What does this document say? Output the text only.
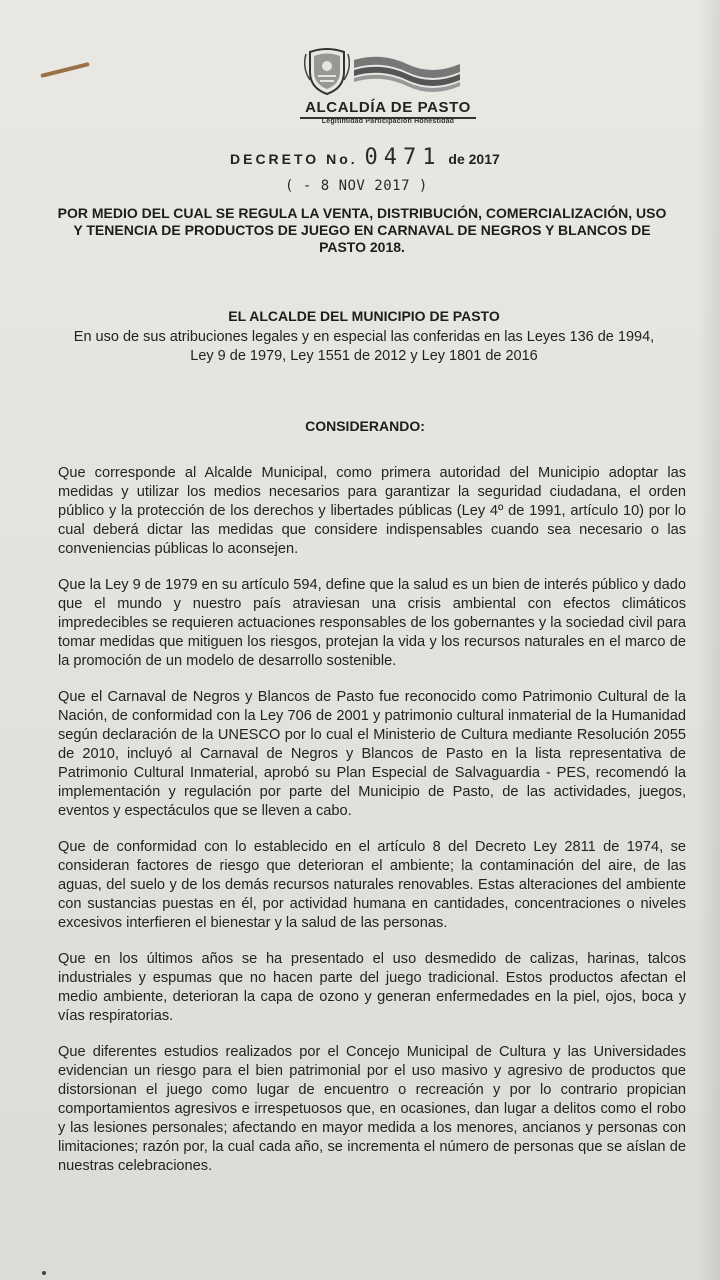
ALCALDÍA DE PASTO
Legitimidad Participación Honestidad
DECRETO No. 0471 de 2017
( - 8 NOV 2017 )
POR MEDIO DEL CUAL SE REGULA LA VENTA, DISTRIBUCIÓN, COMERCIALIZACIÓN, USO Y TENENCIA DE PRODUCTOS DE JUEGO EN CARNAVAL DE NEGROS Y BLANCOS DE PASTO 2018.
EL ALCALDE DEL MUNICIPIO DE PASTO
En uso de sus atribuciones legales y en especial las conferidas en las Leyes 136 de 1994, Ley 9 de 1979, Ley 1551 de 2012 y Ley 1801 de 2016
CONSIDERANDO:

Que corresponde al Alcalde Municipal, como primera autoridad del Municipio adoptar las medidas y utilizar los medios necesarios para garantizar la seguridad ciudadana, el orden público y la protección de los derechos y libertades públicas (Ley 4º de 1991, artículo 10) por lo cual deberá dictar las medidas que considere indispensables cuando sea necesario o las conveniencias públicas lo aconsejen.

Que la Ley 9 de 1979 en su artículo 594, define que la salud es un bien de interés público y dado que el mundo y nuestro país atraviesan una crisis ambiental con efectos climáticos impredecibles se requieren actuaciones responsables de los gobernantes y la sociedad civil para tomar medidas que mitiguen los riesgos, protejan la vida y los recursos naturales en el marco de la promoción de un modelo de desarrollo sostenible.

Que el Carnaval de Negros y Blancos de Pasto fue reconocido como Patrimonio Cultural de la Nación, de conformidad con la Ley 706 de 2001 y patrimonio cultural inmaterial de la Humanidad según declaración de la UNESCO por lo cual el Ministerio de Cultura mediante Resolución 2055 de 2010, incluyó al Carnaval de Negros y Blancos de Pasto en la lista representativa de Patrimonio Cultural Inmaterial, aprobó su Plan Especial de Salvaguardia - PES, recomendó la implementación y regulación por parte del Municipio de Pasto, de las actividades, juegos, eventos y espectáculos que se lleven a cabo.

Que de conformidad con lo establecido en el artículo 8 del Decreto Ley 2811 de 1974, se consideran factores de riesgo que deterioran el ambiente; la contaminación del aire, de las aguas, del suelo y de los demás recursos naturales renovables. Estas alteraciones del ambiente con sustancias puestas en él, por actividad humana en cantidades, concentraciones o niveles excesivos interfieren el bienestar y la salud de las personas.

Que en los últimos años se ha presentado el uso desmedido de calizas, harinas, talcos industriales y espumas que no hacen parte del juego tradicional. Estos productos afectan el medio ambiente, deterioran la capa de ozono y generan enfermedades en la piel, ojos, boca y vías respiratorias.

Que diferentes estudios realizados por el Concejo Municipal de Cultura y las Universidades evidencian un riesgo para el bien patrimonial por el uso masivo y agresivo de productos que distorsionan el juego como lugar de encuentro o recreación y por lo contrario propician comportamientos agresivos e irrespetuosos que, en ocasiones, dan lugar a delitos como el robo y las lesiones personales; afectando en mayor medida a los menores, ancianos y personas con limitaciones; razón por, la cual cada año, se incrementa el número de personas que se aíslan de nuestras celebraciones.
